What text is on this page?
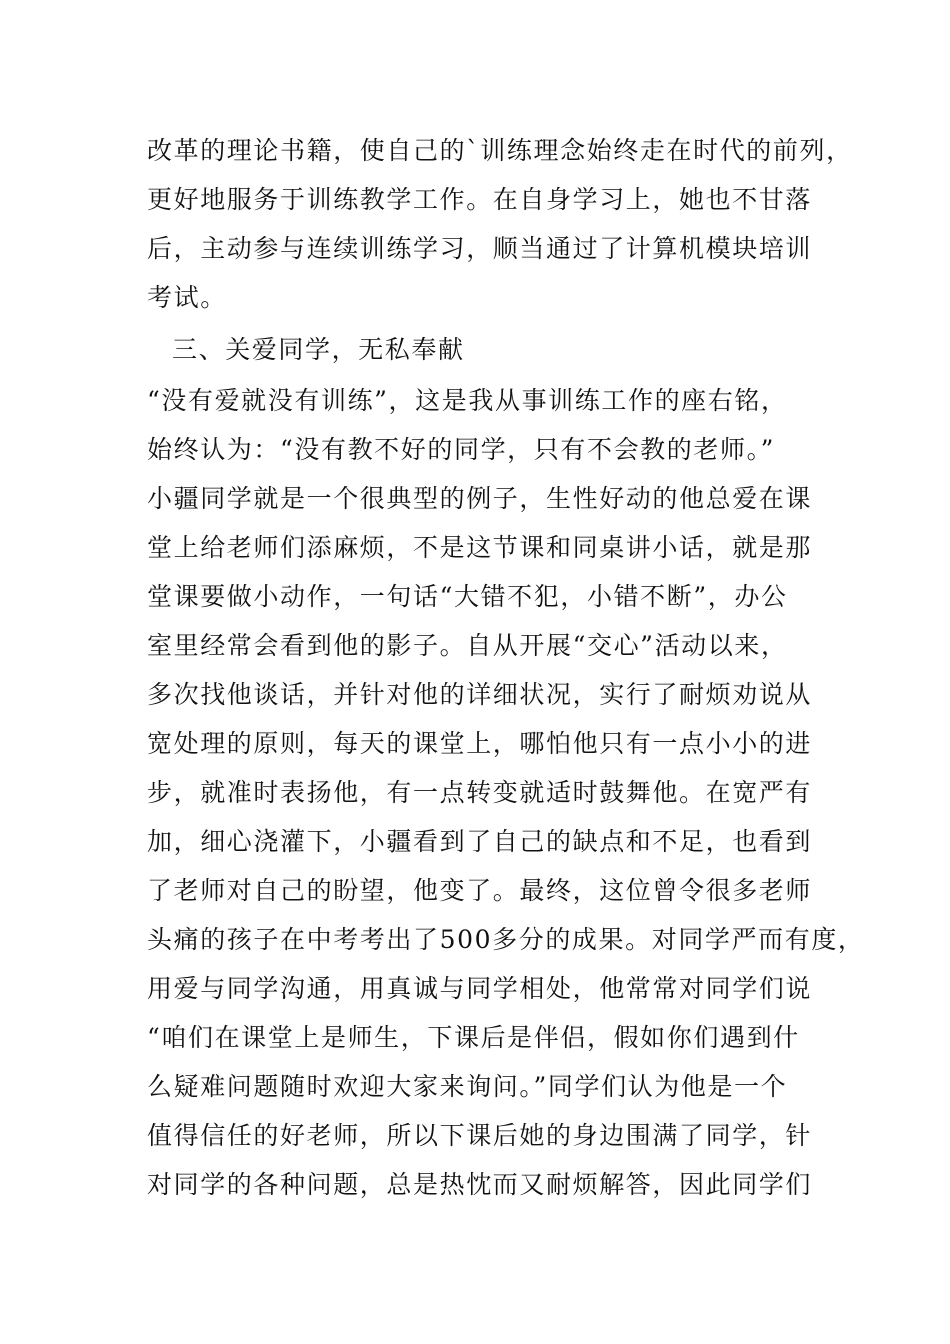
改革的理论书籍，使自己的`训练理念始终走在时代的前列，
更好地服务于训练教学工作。在自身学习上，她也不甘落
后，主动参与连续训练学习，顺当通过了计算机模块培训
考试。
三、关爱同学，无私奉献
“没有爱就没有训练”，这是我从事训练工作的座右铭，
始终认为：“没有教不好的同学，只有不会教的老师。”
小疆同学就是一个很典型的例子，生性好动的他总爱在课
堂上给老师们添麻烦，不是这节课和同桌讲小话，就是那
堂课要做小动作，一句话“大错不犯，小错不断”，办公
室里经常会看到他的影子。自从开展“交心”活动以来，
多次找他谈话，并针对他的详细状况，实行了耐烦劝说从
宽处理的原则，每天的课堂上，哪怕他只有一点小小的进
步，就准时表扬他，有一点转变就适时鼓舞他。在宽严有
加，细心浇灌下，小疆看到了自己的缺点和不足，也看到
了老师对自己的盼望，他变了。最终，这位曾令很多老师
头痛的孩子在中考考出了500多分的成果。对同学严而有度，
用爱与同学沟通，用真诚与同学相处，他常常对同学们说
“咱们在课堂上是师生，下课后是伴侣，假如你们遇到什
么疑难问题随时欢迎大家来询问。”同学们认为他是一个
值得信任的好老师，所以下课后她的身边围满了同学，针
对同学的各种问题，总是热忱而又耐烦解答，因此同学们
